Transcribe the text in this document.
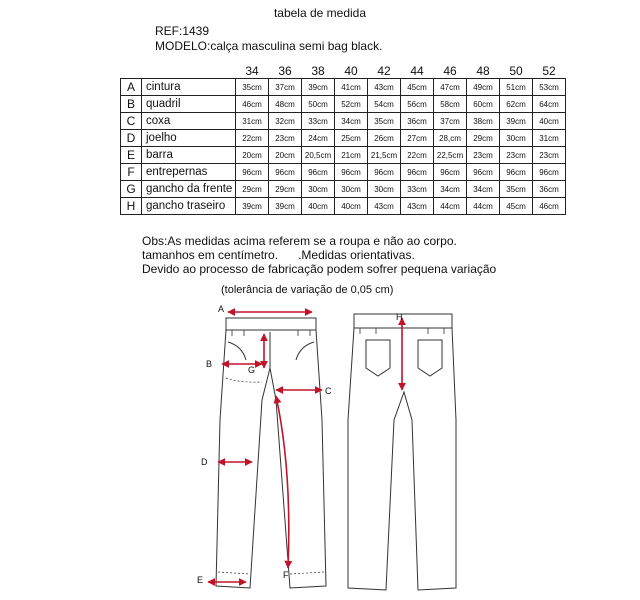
tabela de medida
REF:1439
MODELO:calça masculina semi bag black.
		34	36	38	40	42	44	46	48	50	52
A	cintura	35cm	37cm	39cm	41cm	43cm	45cm	47cm	49cm	51cm	53cm
B	quadril	46cm	48cm	50cm	52cm	54cm	56cm	58cm	60cm	62cm	64cm
C	coxa	31cm	32cm	33cm	34cm	35cm	36cm	37cm	38cm	39cm	40cm
D	joelho	22cm	23cm	24cm	25cm	26cm	27cm	28,cm	29cm	30cm	31cm
E	barra	20cm	20cm	20,5cm	21cm	21,5cm	22cm	22,5cm	23cm	23cm	23cm
F	entrepernas	96cm	96cm	96cm	96cm	96cm	96cm	96cm	96cm	96cm	96cm
G	gancho da frente	29cm	29cm	30cm	30cm	30cm	33cm	34cm	34cm	35cm	36cm
H	gancho traseiro	39cm	39cm	40cm	40cm	43cm	43cm	44cm	44cm	45cm	46cm
Obs:As medidas acima referem se a roupa e não ao corpo.
tamanhos em centímetro.      .Medidas orientativas.
Devido ao processo de fabricação podem sofrer pequena variação
(tolerância de variação de 0,05 cm)
A
B
G
C
D
E	F
H
